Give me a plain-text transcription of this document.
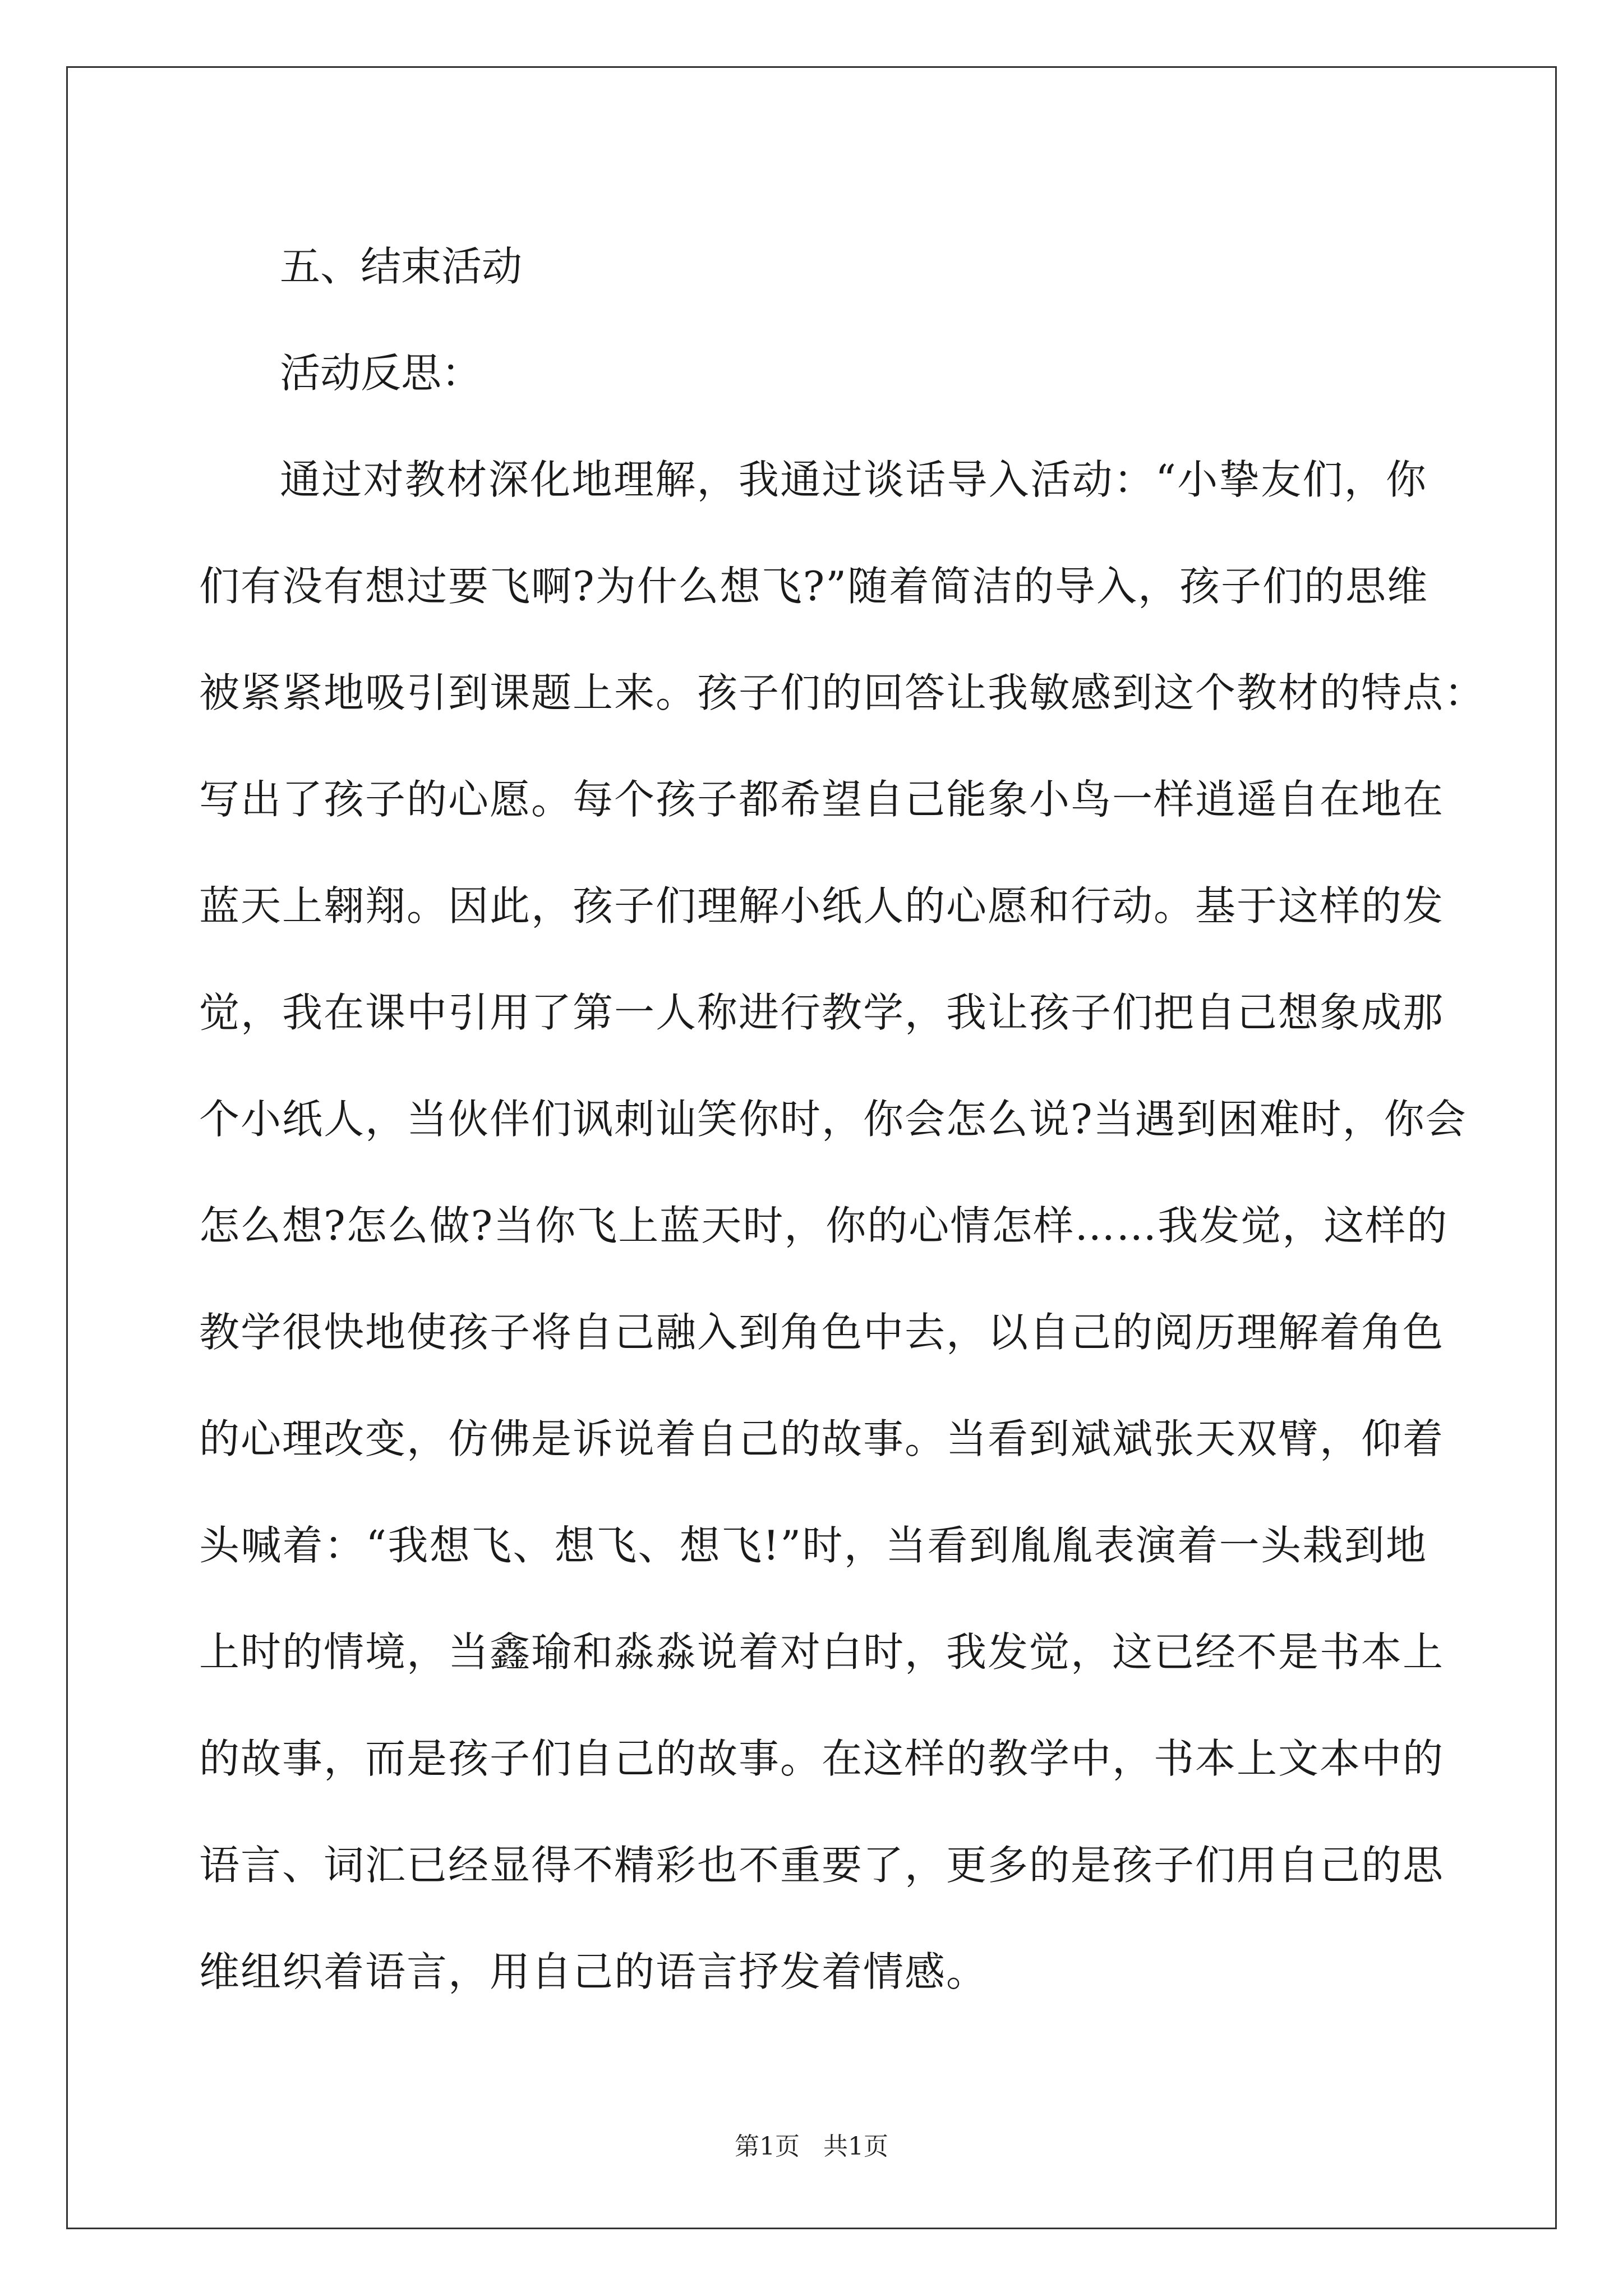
五、结束活动

活动反思：

通过对教材深化地理解，我通过谈话导入活动：“小挚友们，你

们有没有想过要飞啊?为什么想飞?”随着简洁的导入，孩子们的思维

被紧紧地吸引到课题上来。孩子们的回答让我敏感到这个教材的特点：

写出了孩子的心愿。每个孩子都希望自己能象小鸟一样逍遥自在地在

蓝天上翱翔。因此，孩子们理解小纸人的心愿和行动。基于这样的发

觉，我在课中引用了第一人称进行教学，我让孩子们把自己想象成那

个小纸人，当伙伴们讽刺讪笑你时，你会怎么说?当遇到困难时，你会

怎么想?怎么做?当你飞上蓝天时，你的心情怎样……我发觉，这样的

教学很快地使孩子将自己融入到角色中去，以自己的阅历理解着角色

的心理改变，仿佛是诉说着自己的故事。当看到斌斌张天双臂，仰着

头喊着：“我想飞、想飞、想飞!”时，当看到胤胤表演着一头栽到地

上时的情境，当鑫瑜和淼淼说着对白时，我发觉，这已经不是书本上

的故事，而是孩子们自己的故事。在这样的教学中，书本上文本中的

语言、词汇已经显得不精彩也不重要了，更多的是孩子们用自己的思

维组织着语言，用自己的语言抒发着情感。

第1页   共1页
